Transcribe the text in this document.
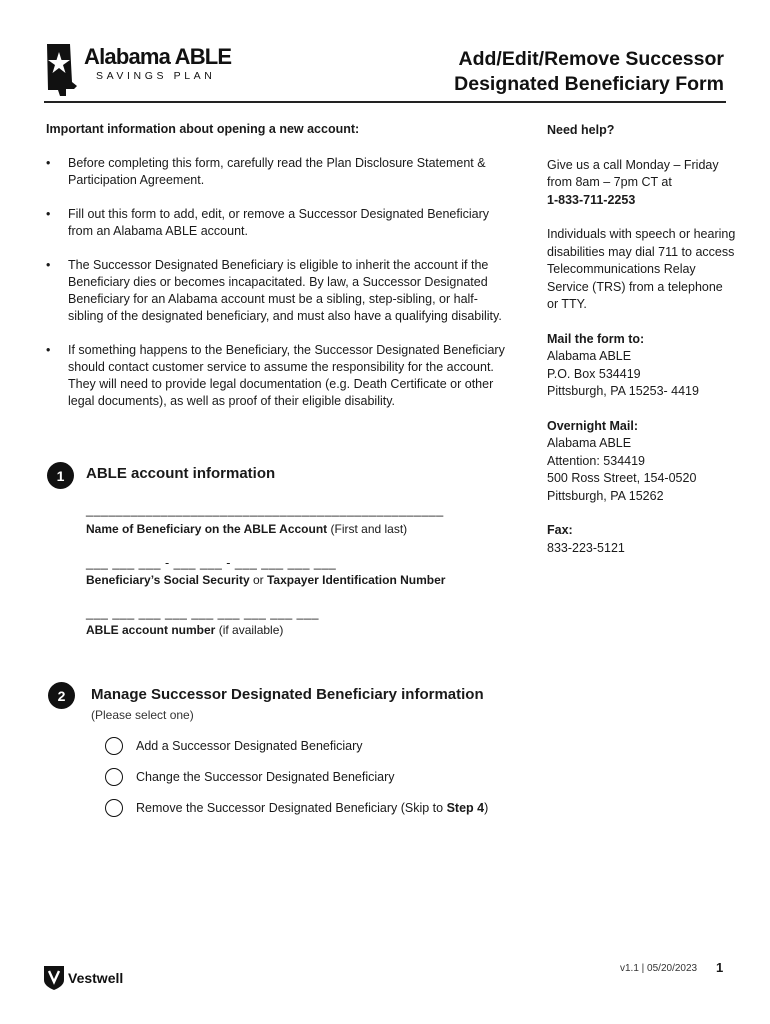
Alabama ABLE
SAVINGS PLAN
Add/Edit/Remove Successor
Designated Beneficiary Form
Important information about opening a new account:
• Before completing this form, carefully read the Plan Disclosure Statement & Participation Agreement.
• Fill out this form to add, edit, or remove a Successor Designated Beneficiary from an Alabama ABLE account.
• The Successor Designated Beneficiary is eligible to inherit the account if the Beneficiary dies or becomes incapacitated. By law, a Successor Designated Beneficiary for an Alabama account must be a sibling, step-sibling, or half-sibling of the designated beneficiary, and must also have a qualifying disability.
• If something happens to the Beneficiary, the Successor Designated Beneficiary should contact customer service to assume the responsibility for the account. They will need to provide legal documentation (e.g. Death Certificate or other legal documents), as well as proof of their eligible disability.
Need help?
Give us a call Monday – Friday from 8am – 7pm CT at
1-833-711-2253
Individuals with speech or hearing disabilities may dial 711 to access Telecommunications Relay Service (TRS) from a telephone or TTY.
Mail the form to:
Alabama ABLE
P.O. Box 534419
Pittsburgh, PA 15253- 4419
Overnight Mail:
Alabama ABLE
Attention: 534419
500 Ross Street, 154-0520
Pittsburgh, PA 15262
Fax:
833-223-5121
1	ABLE account information
________________________________________________
Name of Beneficiary on the ABLE Account (First and last)
___ ___ ___ - ___ ___ - ___ ___ ___ ___
Beneficiary’s Social Security or Taxpayer Identification Number
___ ___ ___ ___ ___ ___ ___ ___ ___
ABLE account number (if available)
2	Manage Successor Designated Beneficiary information
(Please select one)
Add a Successor Designated Beneficiary
Change the Successor Designated Beneficiary
Remove the Successor Designated Beneficiary (Skip to Step 4)
Vestwell
v1.1 | 05/20/2023 1
